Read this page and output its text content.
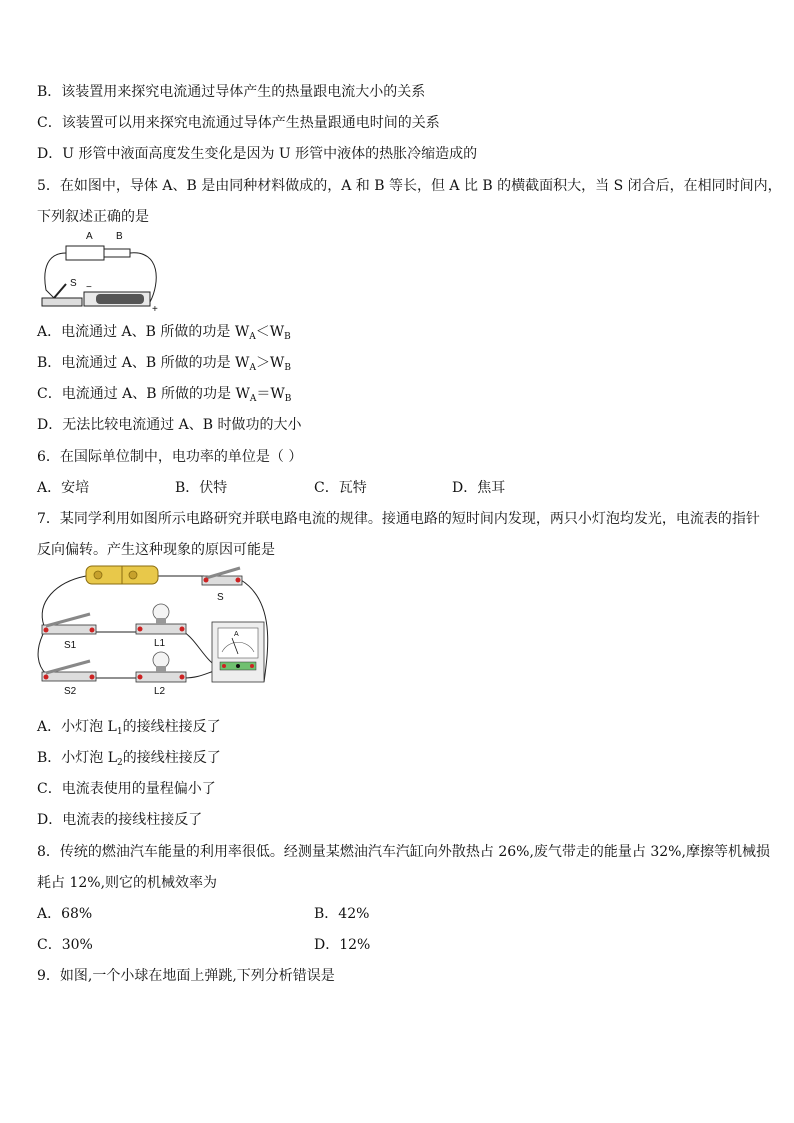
B．该装置用来探究电流通过导体产生的热量跟电流大小的关系
C．该装置可以用来探究电流通过导体产生热量跟通电时间的关系
D．U 形管中液面高度发生变化是因为 U 形管中液体的热胀冷缩造成的
5．在如图中，导体 A、B 是由同种材料做成的，A 和 B 等长，但 A 比 B 的横截面积大，当 S 闭合后，在相同时间内，
下列叙述正确的是
A B
S −
+
A．电流通过 A、B 所做的功是 $W_A<W_B$
B．电流通过 A、B 所做的功是 $W_A>W_B$
C．电流通过 A、B 所做的功是 $W_A=W_B$
D．无法比较电流通过 A、B 时做功的大小
6．在国际单位制中，电功率的单位是（ ）
A．安培	B．伏特	C．瓦特	D．焦耳
7．某同学利用如图所示电路研究并联电路电流的规律。接通电路的短时间内发现，两只小灯泡均发光，电流表的指针
反向偏转。产生这种现象的原因可能是
S
S1
S2
L1
L2
A
A．小灯泡 $L_1$的接线柱接反了
B．小灯泡 $L_2$的接线柱接反了
C．电流表使用的量程偏小了
D．电流表的接线柱接反了
8．传统的燃油汽车能量的利用率很低。经测量某燃油汽车汽缸向外散热占 26%,废气带走的能量占 32%,摩擦等机械损
耗占 12%,则它的机械效率为
A．68%	B．42%
C．30%	D．12%
9．如图,一个小球在地面上弹跳,下列分析错误是
